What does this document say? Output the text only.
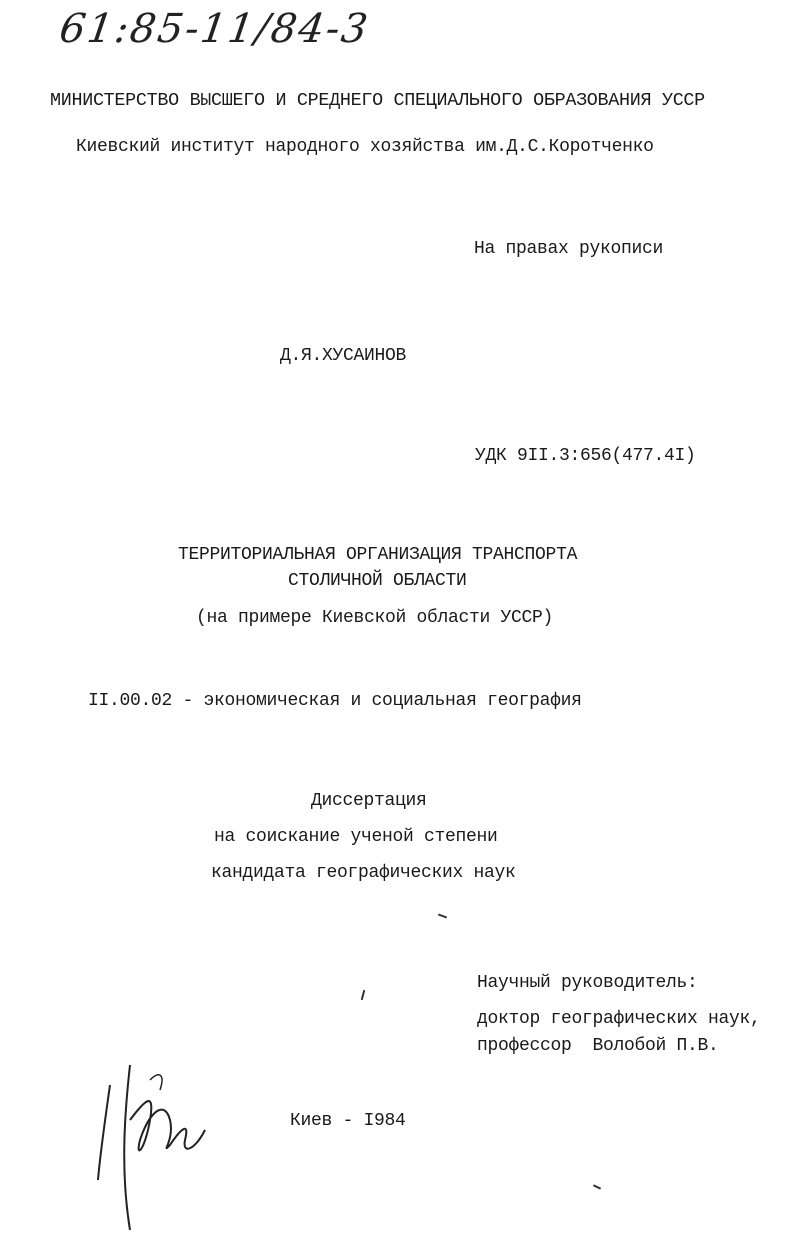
61:85-11/84-3
МИНИСТЕРСТВО ВЫСШЕГО И СРЕДНЕГО СПЕЦИАЛЬНОГО ОБРАЗОВАНИЯ УССР
Киевский институт народного хозяйства им.Д.С.Коротченко
На правах рукописи
Д.Я.ХУСАИНОВ
УДК 9II.3:656(477.4I)
ТЕРРИТОРИАЛЬНАЯ ОРГАНИЗАЦИЯ ТРАНСПОРТА
СТОЛИЧНОЙ ОБЛАСТИ
(на примере Киевской области УССР)
II.00.02 - экономическая и социальная география
Диссертация
на соискание ученой степени
кандидата географических наук
Научный руководитель:
доктор географических наук,
профессор  Волобой П.В.
Киев - I984
